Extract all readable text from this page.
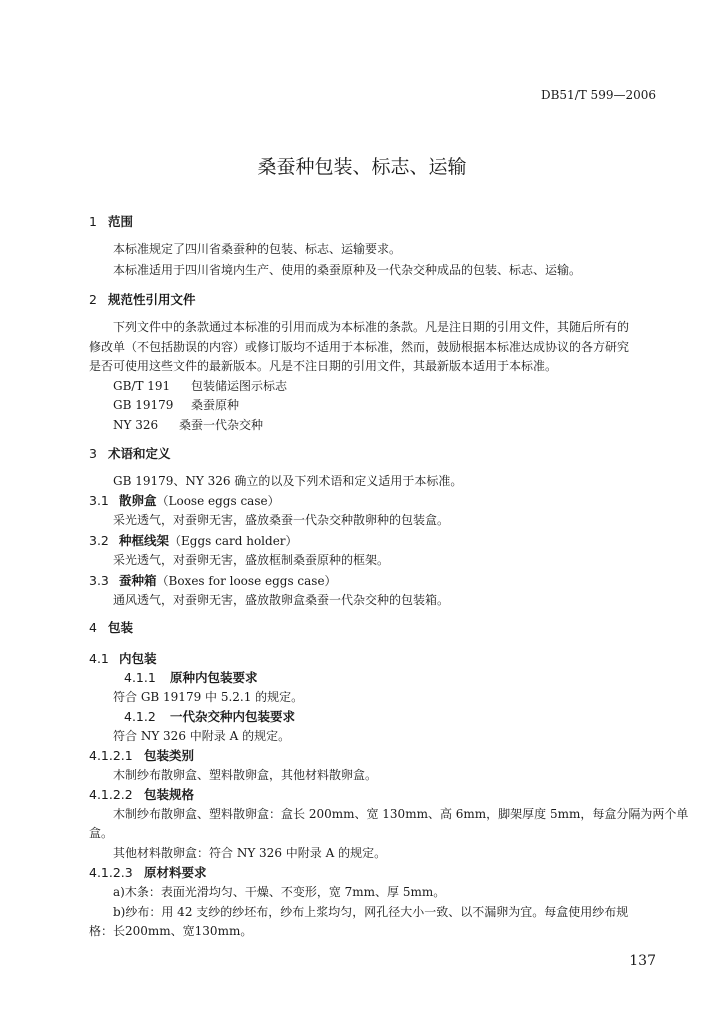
DB51/T 599—2006
桑蚕种包装、标志、运输
1 范围
本标准规定了四川省桑蚕种的包装、标志、运输要求。
本标准适用于四川省境内生产、使用的桑蚕原种及一代杂交种成品的包装、标志、运输。
2 规范性引用文件
下列文件中的条款通过本标准的引用而成为本标准的条款。凡是注日期的引用文件，其随后所有的
修改单（不包括勘误的内容）或修订版均不适用于本标准，然而，鼓励根据本标准达成协议的各方研究
是否可使用这些文件的最新版本。凡是不注日期的引用文件，其最新版本适用于本标准。
GB/T 191 包装储运图示标志
GB 19179 桑蚕原种
NY 326 桑蚕一代杂交种
3 术语和定义
GB 19179、NY 326 确立的以及下列术语和定义适用于本标准。
3.1 散卵盒（Loose eggs case）
采光透气，对蚕卵无害，盛放桑蚕一代杂交种散卵种的包装盒。
3.2 种框线架（Eggs card holder）
采光透气，对蚕卵无害，盛放框制桑蚕原种的框架。
3.3 蚕种箱（Boxes for loose eggs case）
通风透气，对蚕卵无害，盛放散卵盒桑蚕一代杂交种的包装箱。
4 包装
4.1 内包装
4.1.1 原种内包装要求
符合 GB 19179 中 5.2.1 的规定。
4.1.2 一代杂交种内包装要求
符合 NY 326 中附录 A 的规定。
4.1.2.1 包装类别
木制纱布散卵盒、塑料散卵盒，其他材料散卵盒。
4.1.2.2 包装规格
木制纱布散卵盒、塑料散卵盒：盒长 200mm、宽 130mm、高 6mm，脚架厚度 5mm，每盒分隔为两个单
盒。
其他材料散卵盒：符合 NY 326 中附录 A 的规定。
4.1.2.3 原材料要求
a)木条：表面光滑均匀、干燥、不变形，宽 7mm、厚 5mm。
b)纱布：用 42 支纱的纱坯布，纱布上浆均匀，网孔径大小一致、以不漏卵为宜。每盒使用纱布规
格：长200mm、宽130mm。
137
